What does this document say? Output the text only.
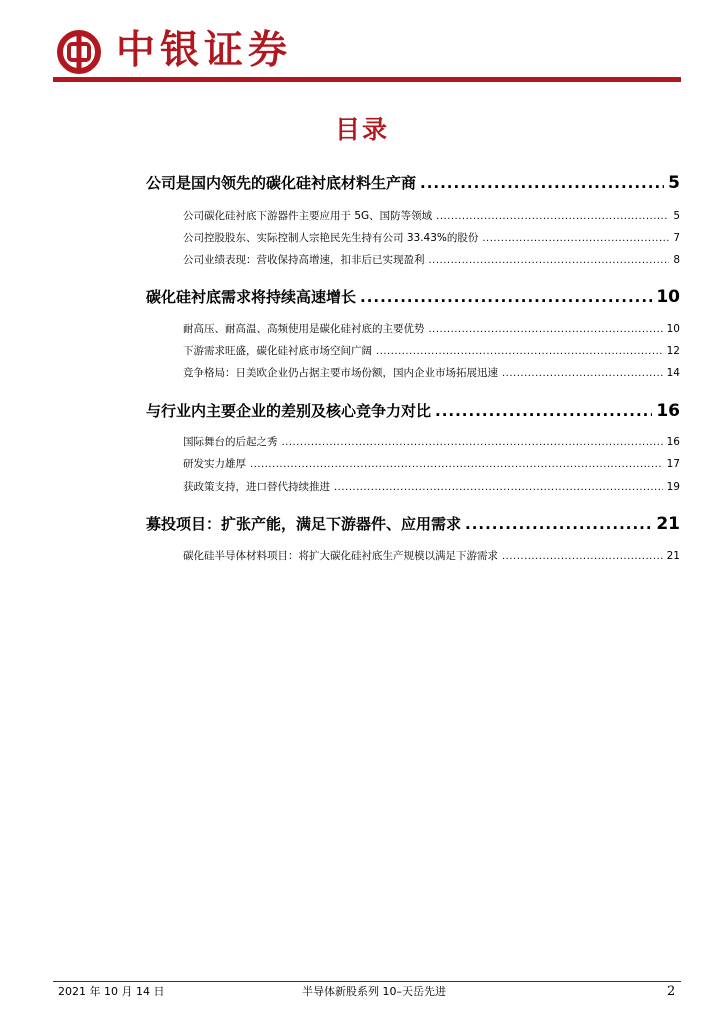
中银证券
目录
公司是国内领先的碳化硅衬底材料生产商 .....	5
公司碳化硅衬底下游器件主要应用于 5G、国防等领域 .....	5
公司控股股东、实际控制人宗艳民先生持有公司 33.43%的股份 .....	7
公司业绩表现：营收保持高增速，扣非后已实现盈利 .....	8
碳化硅衬底需求将持续高速增长 .....	10
耐高压、耐高温、高频使用是碳化硅衬底的主要优势 .....	10
下游需求旺盛，碳化硅衬底市场空间广阔 .....	12
竞争格局：日美欧企业仍占据主要市场份额，国内企业市场拓展迅速 .....	14
与行业内主要企业的差别及核心竞争力对比 .....	16
国际舞台的后起之秀 .....	16
研发实力雄厚 .....	17
获政策支持，进口替代持续推进 .....	19
募投项目：扩张产能，满足下游器件、应用需求 .....	21
碳化硅半导体材料项目：将扩大碳化硅衬底生产规模以满足下游需求 .....	21
2021 年 10 月 14 日	半导体新股系列 10–天岳先进	2
